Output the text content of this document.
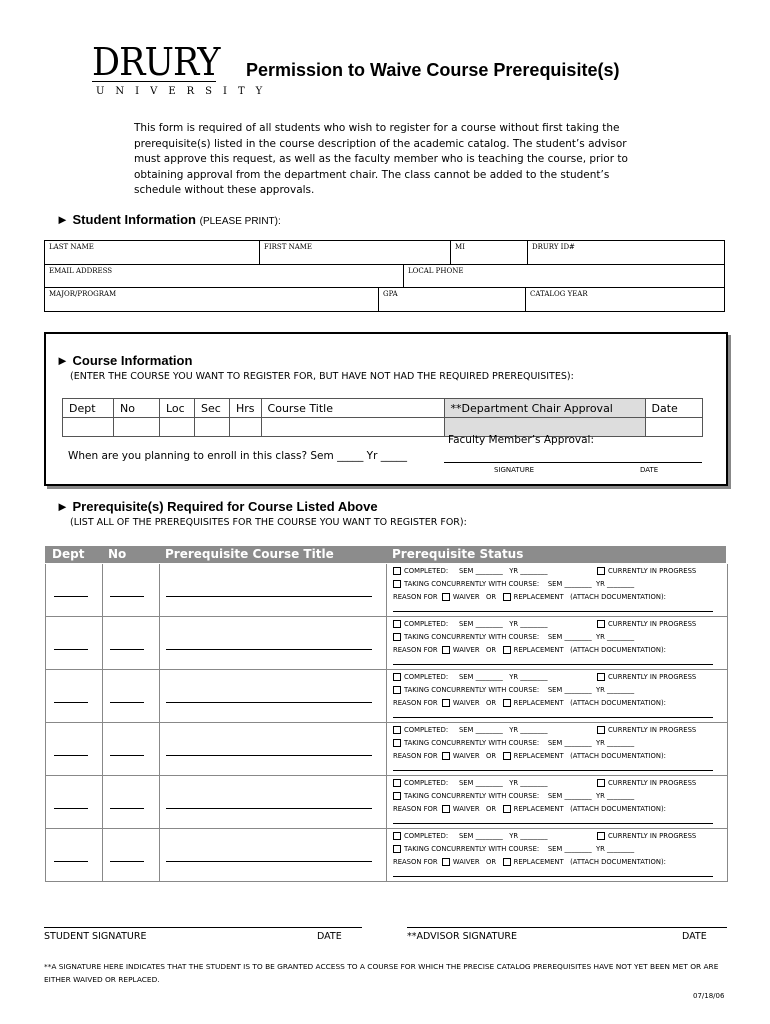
DRURY
UNIVERSITY
Permission to Waive Course Prerequisite(s)
This form is required of all students who wish to register for a course without first taking the prerequisite(s) listed in the course description of the academic catalog. The student’s advisor must approve this request, as well as the faculty member who is teaching the course, prior to obtaining approval from the department chair. The class cannot be added to the student’s schedule without these approvals.
► Student Information (PLEASE PRINT):
LAST NAME	FIRST NAME	MI	DRURY ID#
EMAIL ADDRESS	LOCAL PHONE
MAJOR/PROGRAM	GPA	CATALOG YEAR
► Course Information
(ENTER THE COURSE YOU WANT TO REGISTER FOR, BUT HAVE NOT HAD THE REQUIRED PREREQUISITES):
Dept	No	Loc	Sec	Hrs	Course Title	**Department Chair Approval	Date

Faculty Member’s Approval:
When are you planning to enroll in this class? Sem _____ Yr _____
SIGNATURE	DATE
► Prerequisite(s) Required for Course Listed Above
(LIST ALL OF THE PREREQUISITES FOR THE COURSE YOU WANT TO REGISTER FOR):
Dept No	Prerequisite Course Title	Prerequisite Status
COMPLETED: SEM ________ YR ________	CURRENTLY IN PROGRESS
TAKING CONCURRENTLY WITH COURSE: SEM ________ YR ________
REASON FOR WAIVER OR	REPLACEMENT (ATTACH DOCUMENTATION):
COMPLETED: SEM ________ YR ________	CURRENTLY IN PROGRESS
TAKING CONCURRENTLY WITH COURSE: SEM ________ YR ________
REASON FOR WAIVER OR	REPLACEMENT (ATTACH DOCUMENTATION):
COMPLETED: SEM ________ YR ________	CURRENTLY IN PROGRESS
TAKING CONCURRENTLY WITH COURSE: SEM ________ YR ________
REASON FOR WAIVER OR	REPLACEMENT (ATTACH DOCUMENTATION):
COMPLETED: SEM ________ YR ________	CURRENTLY IN PROGRESS
TAKING CONCURRENTLY WITH COURSE: SEM ________ YR ________
REASON FOR WAIVER OR	REPLACEMENT (ATTACH DOCUMENTATION):
COMPLETED: SEM ________ YR ________	CURRENTLY IN PROGRESS
TAKING CONCURRENTLY WITH COURSE: SEM ________ YR ________
REASON FOR WAIVER OR	REPLACEMENT (ATTACH DOCUMENTATION):
COMPLETED: SEM ________ YR ________	CURRENTLY IN PROGRESS
TAKING CONCURRENTLY WITH COURSE: SEM ________ YR ________
REASON FOR WAIVER OR	REPLACEMENT (ATTACH DOCUMENTATION):
STUDENT SIGNATURE	DATE	**ADVISOR SIGNATURE	DATE
**A SIGNATURE HERE INDICATES THAT THE STUDENT IS TO BE GRANTED ACCESS TO A COURSE FOR WHICH THE PRECISE CATALOG PREREQUISITES HAVE NOT YET BEEN MET OR ARE EITHER WAIVED OR REPLACED.
07/18/06
